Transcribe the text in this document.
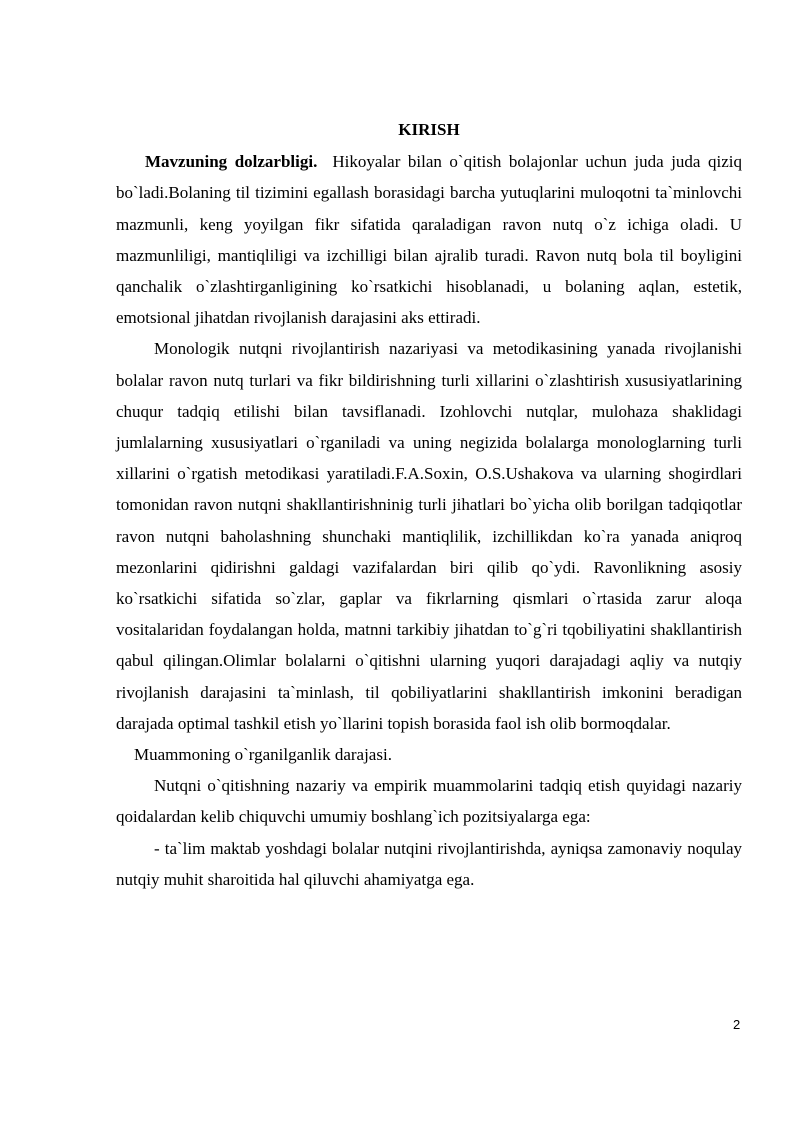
KIRISH

Mavzuning dolzarbligi.  Hikoyalar bilan o`qitish bolajonlar uchun juda juda qiziq bo`ladi.Bolaning til tizimini egallash borasidagi barcha yutuqlarini muloqotni ta`minlovchi mazmunli, keng yoyilgan fikr sifatida qaraladigan ravon nutq o`z ichiga oladi. U mazmunliligi, mantiqliligi va izchilligi bilan ajralib turadi. Ravon nutq bola til boyligini qanchalik o`zlashtirganligining ko`rsatkichi hisoblanadi, u bolaning aqlan, estetik, emotsional jihatdan rivojlanish darajasini aks ettiradi.

Monologik nutqni rivojlantirish nazariyasi va metodikasining yanada rivojlanishi bolalar ravon nutq turlari va fikr bildirishning turli xillarini o`zlashtirish xususiyatlarining chuqur tadqiq etilishi bilan tavsiflanadi. Izohlovchi nutqlar, mulohaza shaklidagi jumlalarning xususiyatlari o`rganiladi va uning negizida bolalarga monologlarning turli xillarini o`rgatish metodikasi yaratiladi.F.A.Soxin, O.S.Ushakova va ularning shogirdlari tomonidan ravon nutqni shakllantirishninig turli jihatlari bo`yicha olib borilgan tadqiqotlar ravon nutqni baholashning shunchaki mantiqlilik, izchillikdan ko`ra yanada aniqroq mezonlarini qidirishni galdagi vazifalardan biri qilib qo`ydi. Ravonlikning asosiy ko`rsatkichi sifatida so`zlar, gaplar va fikrlarning qismlari o`rtasida zarur aloqa vositalaridan foydalangan holda, matnni tarkibiy jihatdan to`g`ri tqobiliyatini shakllantirish qabul qilingan.Olimlar bolalarni o`qitishni ularning yuqori darajadagi aqliy va nutqiy rivojlanish darajasini ta`minlash, til qobiliyatlarini shakllantirish imkonini beradigan darajada optimal tashkil etish yo`llarini topish borasida faol ish olib bormoqdalar.

Muammoning o`rganilganlik darajasi.

Nutqni o`qitishning nazariy va empirik muammolarini tadqiq etish quyidagi nazariy qoidalardan kelib chiquvchi umumiy boshlang`ich pozitsiyalarga ega:

- ta`lim maktab yoshdagi bolalar nutqini rivojlantirishda, ayniqsa zamonaviy noqulay nutqiy muhit sharoitida hal qiluvchi ahamiyatga ega.

2
